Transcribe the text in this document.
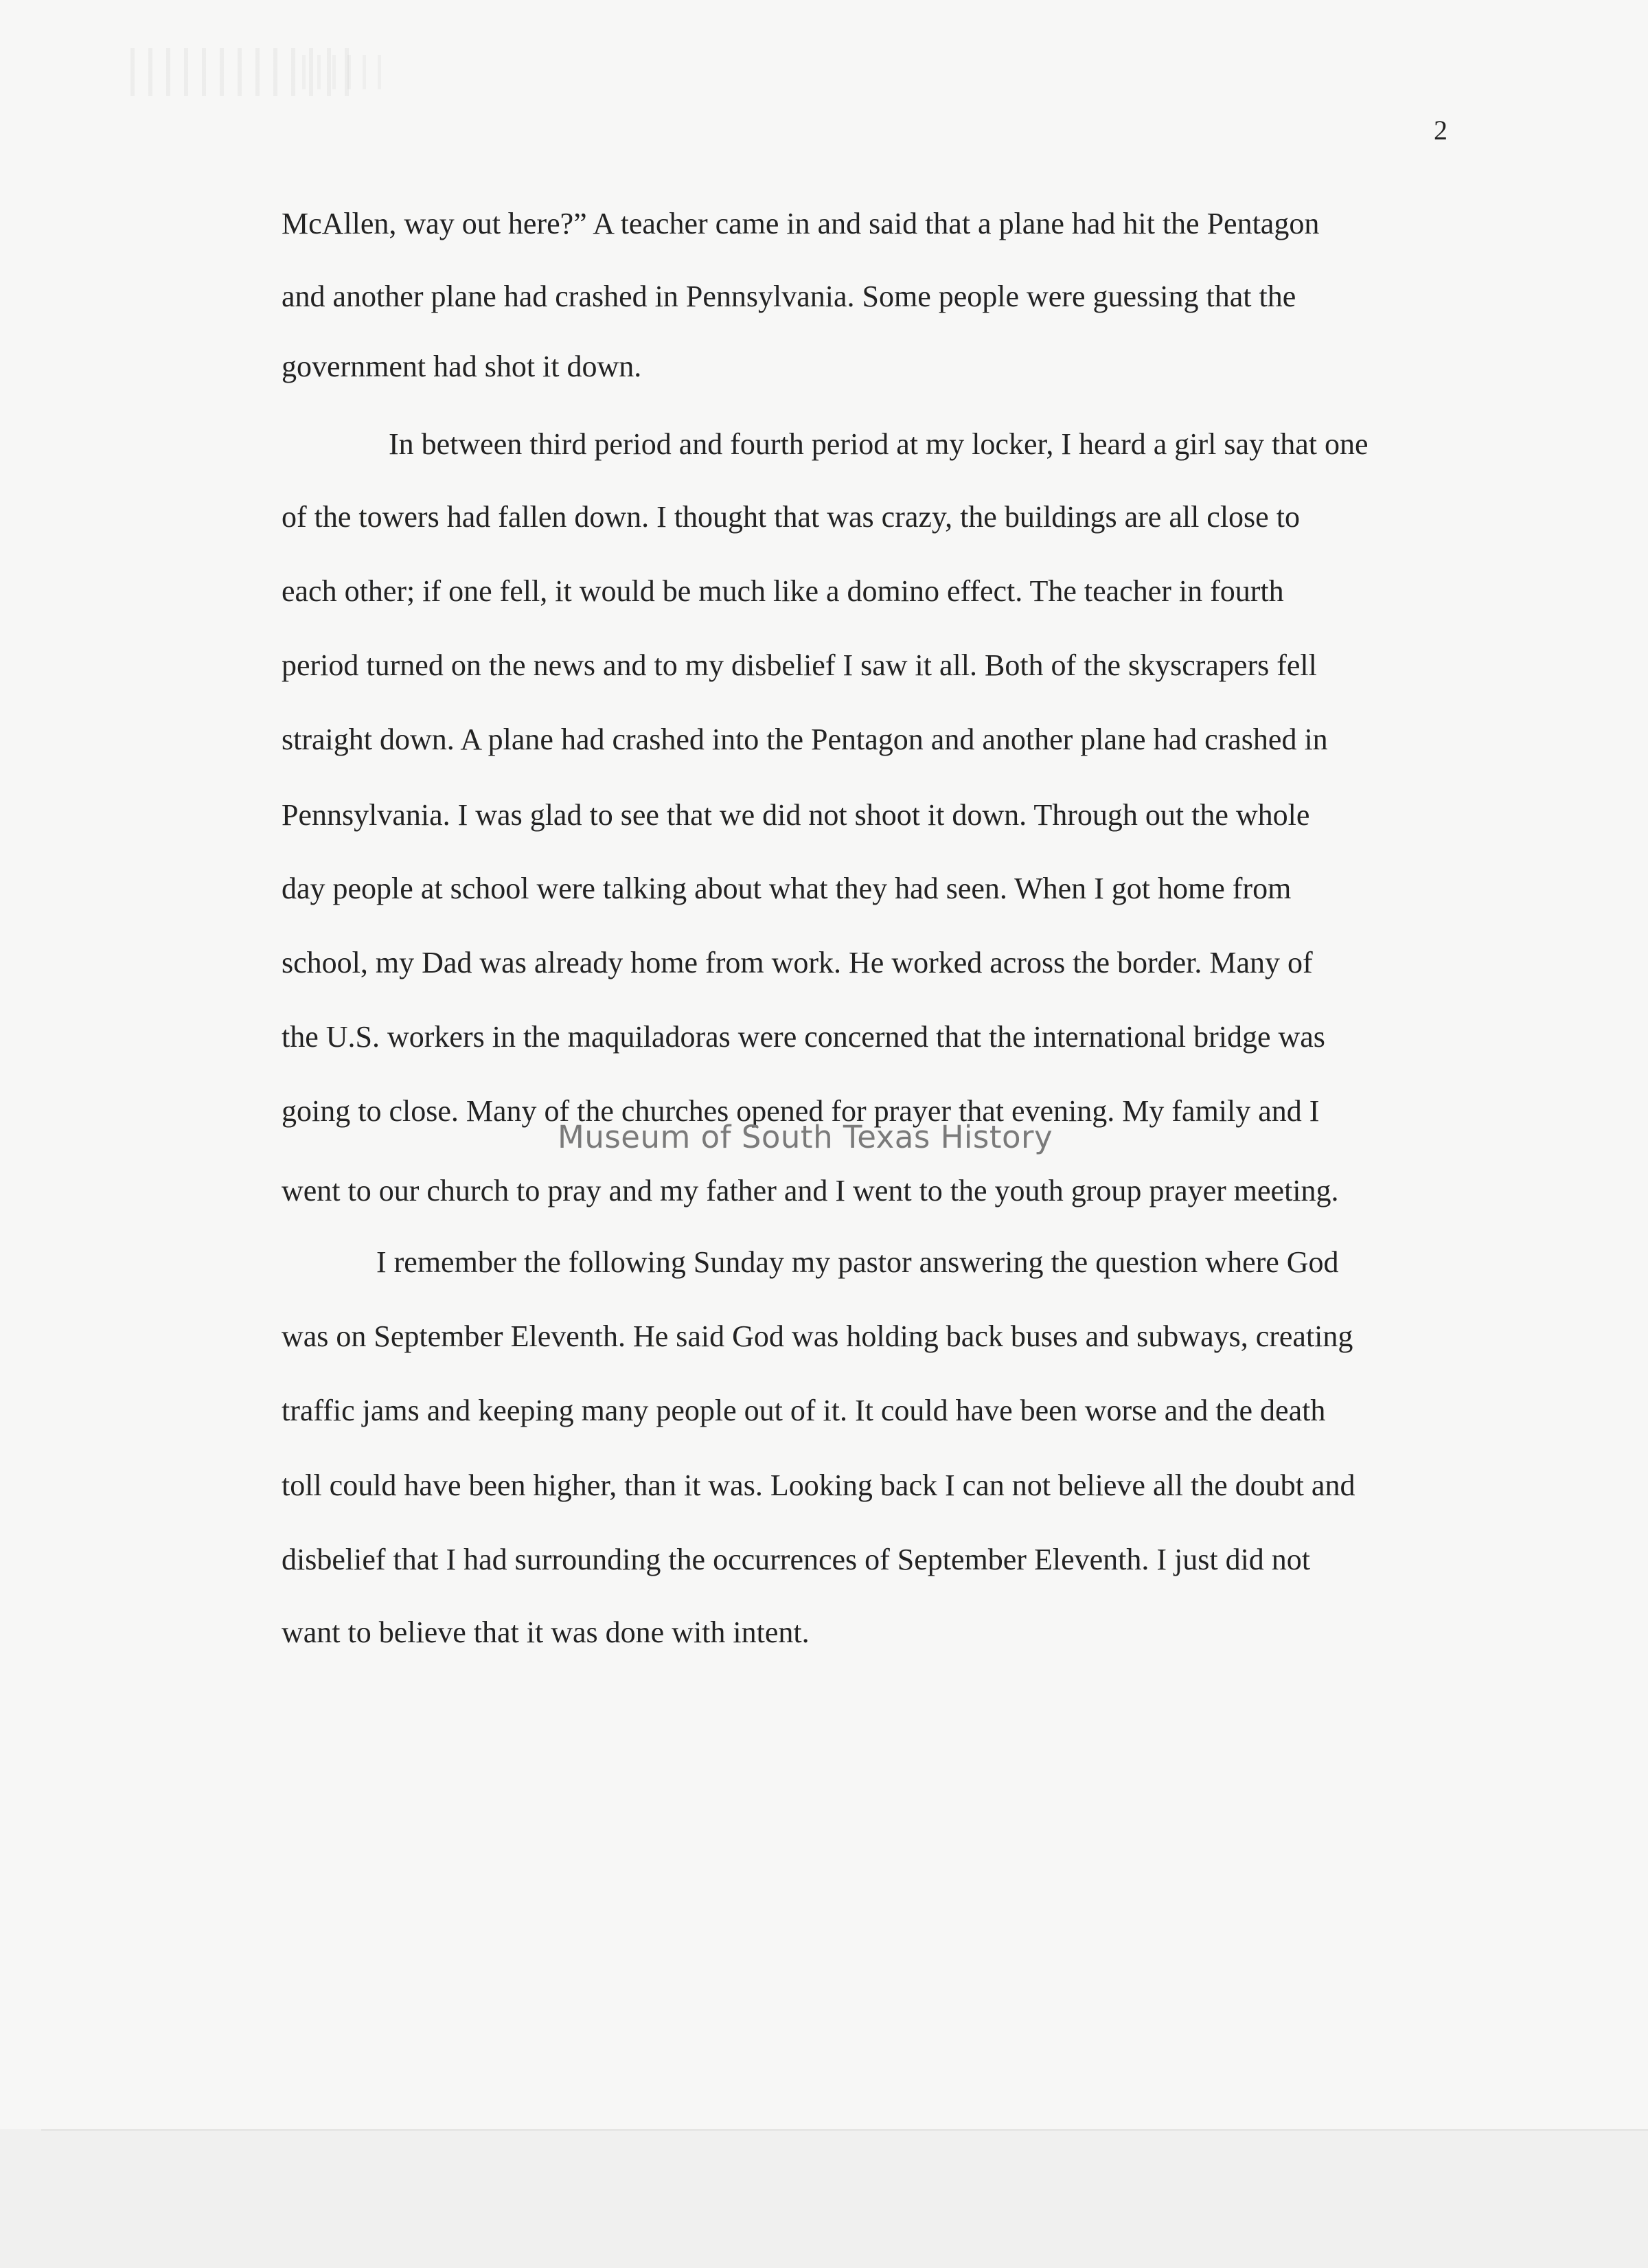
2
McAllen, way out here?” A teacher came in and said that a plane had hit the Pentagon
and another plane had crashed in Pennsylvania. Some people were guessing that the
government had shot it down.
In between third period and fourth period at my locker, I heard a girl say that one
of the towers had fallen down. I thought that was crazy, the buildings are all close to
each other; if one fell, it would be much like a domino effect. The teacher in fourth
period turned on the news and to my disbelief I saw it all. Both of the skyscrapers fell
straight down. A plane had crashed into the Pentagon and another plane had crashed in
Pennsylvania. I was glad to see that we did not shoot it down. Through out the whole
day people at school were talking about what they had seen. When I got home from
school, my Dad was already home from work. He worked across the border. Many of
the U.S. workers in the maquiladoras were concerned that the international bridge was
going to close. Many of the churches opened for prayer that evening. My family and I
went to our church to pray and my father and I went to the youth group prayer meeting.
I remember the following Sunday my pastor answering the question where God
was on September Eleventh. He said God was holding back buses and subways, creating
traffic jams and keeping many people out of it. It could have been worse and the death
toll could have been higher, than it was. Looking back I can not believe all the doubt and
disbelief that I had surrounding the occurrences of September Eleventh. I just did not
want to believe that it was done with intent.
Museum of South Texas History
